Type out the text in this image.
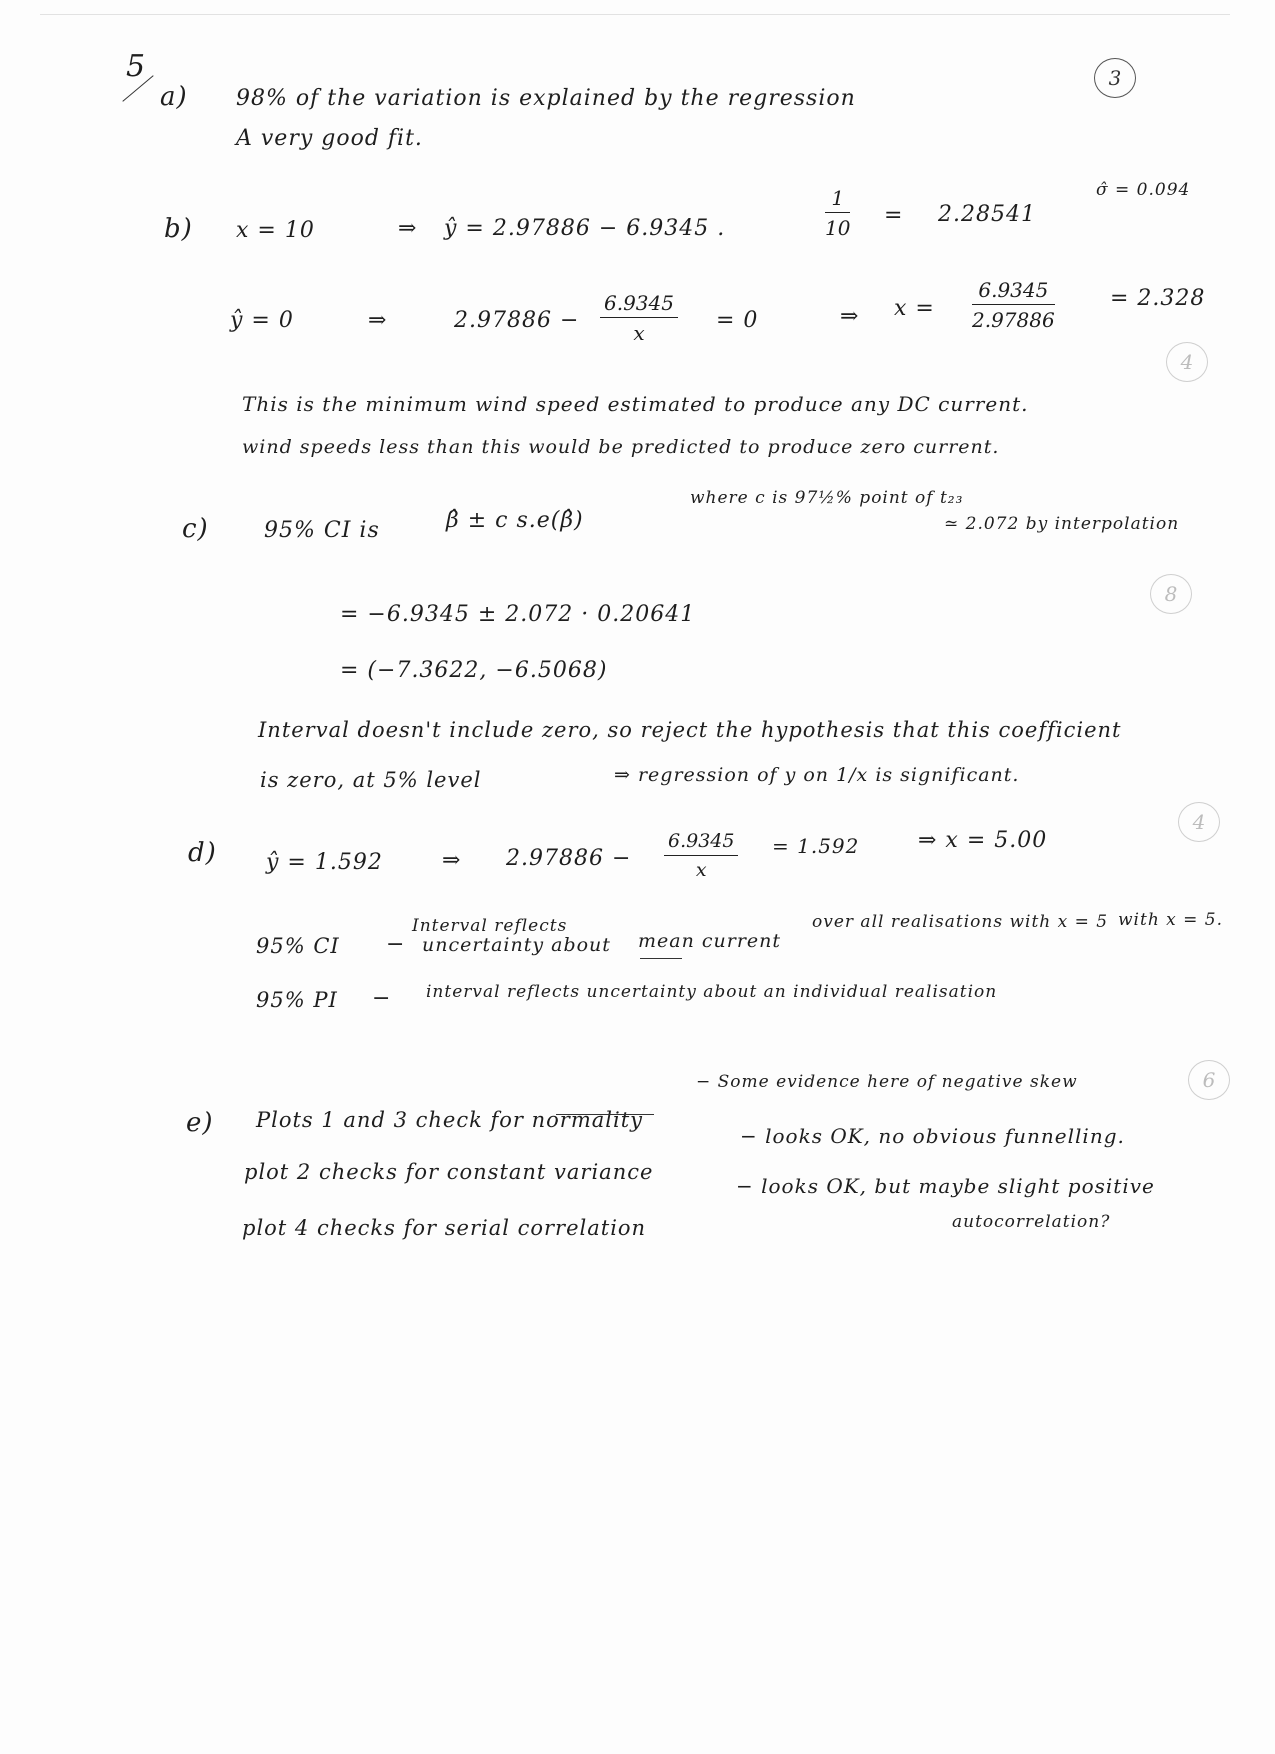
5
a) 98% of the variation is explained by the regression
A very good fit.
3
b) x = 10	⇒ ŷ = 2.97886 − 6.9345 .	$\frac{1}{10} = 2.28541$
σ̂ = 0.094
ŷ = 0	⇒	$2.97886 - \frac{6.9345}{x} = 0$	⇒ $x = \frac{6.9345}{2.97886}$	= 2.328
This is the minimum wind speed estimated to produce any DC current.
wind speeds less than this would be predicted to produce zero current.
4
c)	95% CI is	β̂ ± c s.e(β̂)
where c is 97½% point of t₂₃
≃ 2.072 by interpolation
= −6.9345 ± 2.072 · 0.20641
= (−7.3622, −6.5068)
8
Interval doesn't include zero, so reject the hypothesis that this coefficient
is zero, at 5% level	⇒ regression of y on 1/x is significant.
d) ŷ = 1.592	⇒ $2.97886 - \frac{6.9345}{x} = 1.592$	⇒ x = 5.00
4
Interval reflects
95% CI − uncertainty about mean current
over all realisations with x = 5 with x = 5.
95% PI − interval reflects uncertainty about an individual realisation
e) Plots 1 and 3 check for normality
− Some evidence here of negative skew	6
plot 2 checks for constant variance
− looks OK, no obvious funnelling.
plot 4 checks for serial correlation
− looks OK, but maybe slight positive
autocorrelation?
